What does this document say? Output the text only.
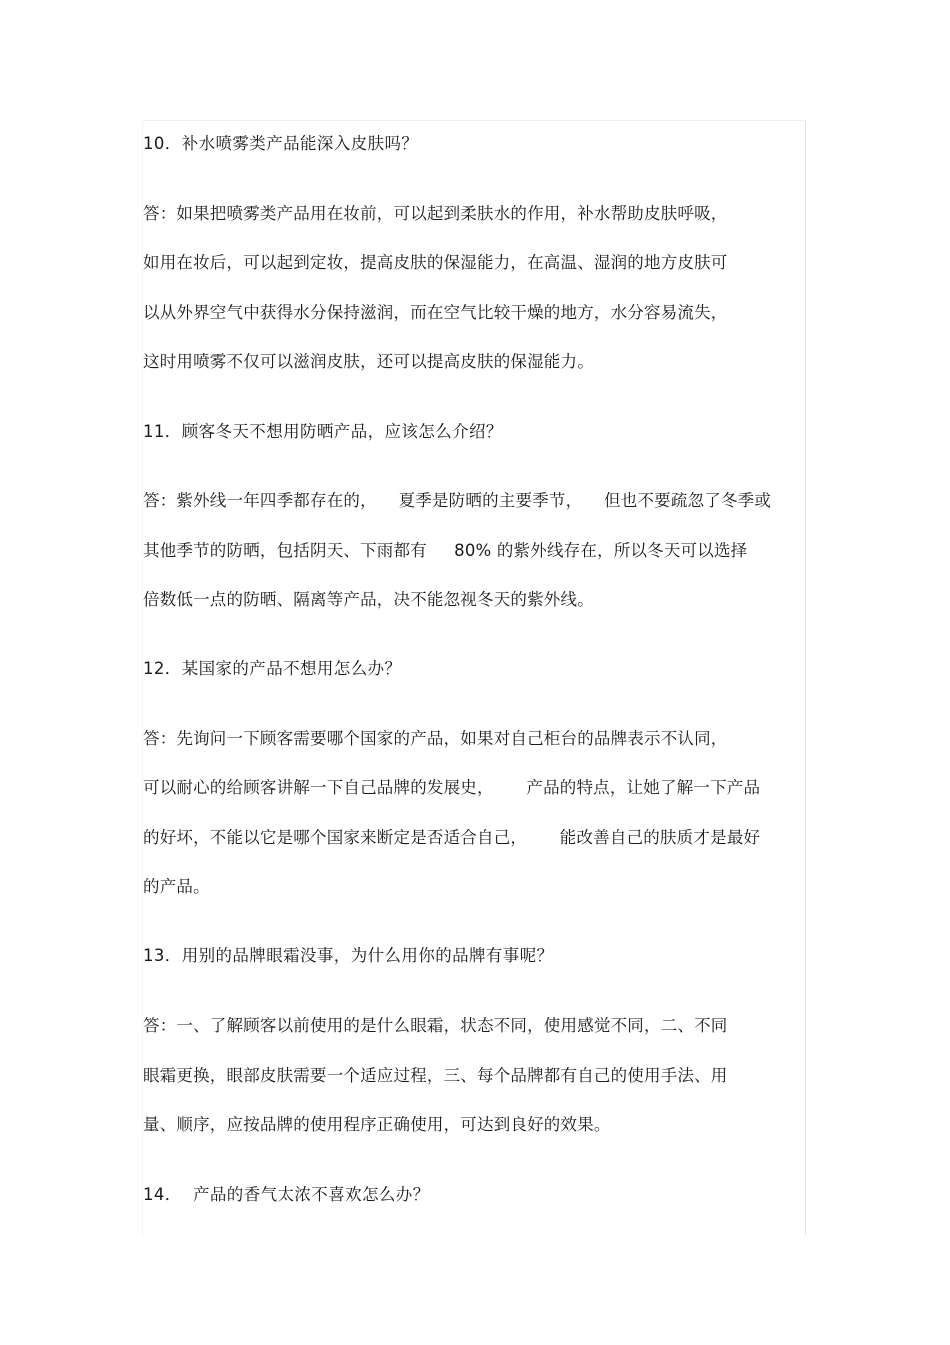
10．补水喷雾类产品能深入皮肤吗？
答：如果把喷雾类产品用在妆前，可以起到柔肤水的作用，补水帮助皮肤呼吸，
如用在妆后，可以起到定妆，提高皮肤的保湿能力，在高温、湿润的地方皮肤可
以从外界空气中获得水分保持滋润，而在空气比较干燥的地方，水分容易流失，
这时用喷雾不仅可以滋润皮肤，还可以提高皮肤的保湿能力。
11．顾客冬天不想用防晒产品，应该怎么介绍？
答：紫外线一年四季都存在的，    夏季是防晒的主要季节，    但也不要疏忽了冬季或
其他季节的防晒，包括阴天、下雨都有     80% 的紫外线存在，所以冬天可以选择
倍数低一点的防晒、隔离等产品，决不能忽视冬天的紫外线。
12．某国家的产品不想用怎么办？
答：先询问一下顾客需要哪个国家的产品，如果对自己柜台的品牌表示不认同，
可以耐心的给顾客讲解一下自己品牌的发展史，      产品的特点，让她了解一下产品
的好坏，不能以它是哪个国家来断定是否适合自己，      能改善自己的肤质才是最好
的产品。
13．用别的品牌眼霜没事，为什么用你的品牌有事呢？
答：一、了解顾客以前使用的是什么眼霜，状态不同，使用感觉不同，二、不同
眼霜更换，眼部皮肤需要一个适应过程，三、每个品牌都有自己的使用手法、用
量、顺序，应按品牌的使用程序正确使用，可达到良好的效果。
14．  产品的香气太浓不喜欢怎么办？
